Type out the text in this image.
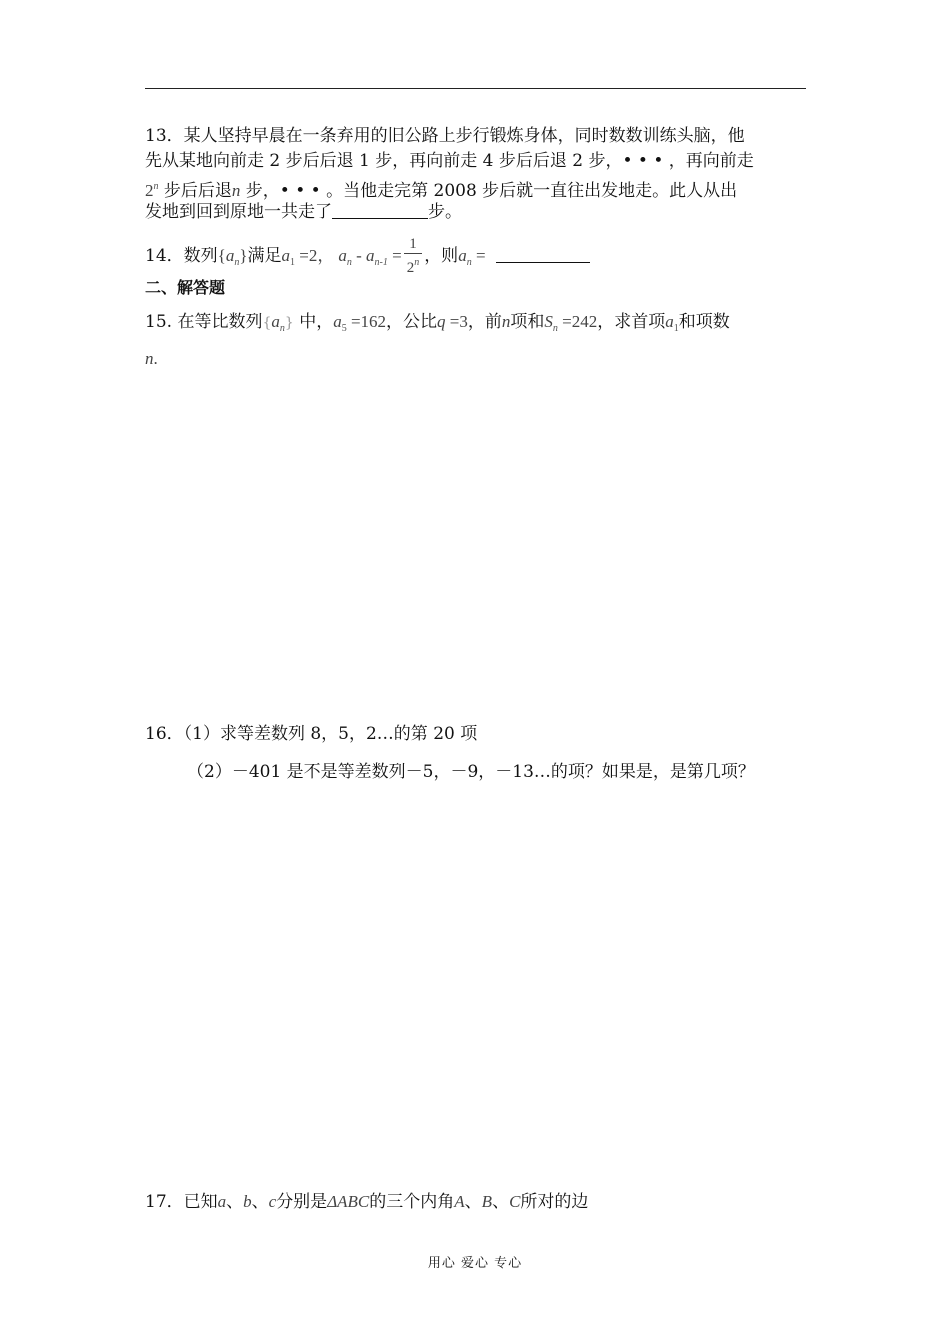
13．某人坚持早晨在一条弃用的旧公路上步行锻炼身体，同时数数训练头脑，他
先从某地向前走 2 步后后退 1 步，再向前走 4 步后后退 2 步，• • • ，再向前走
2$^n$ 步后后退n 步，• • • 。当他走完第 2008 步后就一直往出发地走。此人从出
发地到回到原地一共走了	步。
14．数列$\{a_n\}$满足$a_1 =2$， $a_n - a_{n-1} = \frac{1}{2^n}$ ，则$a_n$ =
二、解答题
15. 在等比数列$\{a_n\}$ 中，$a_5 =162$，公比q =3，前n项和$S_n =242$，求首项$a_1$和项数
n.
16．（1）求等差数列 8，5，2…的第 20 项
（2）－401 是不是等差数列－5，－9，－13…的项？如果是，是第几项？
17．已知a、b、c分别是ΔABC的三个内角A、B、C所对的边
用心 爱心 专心
